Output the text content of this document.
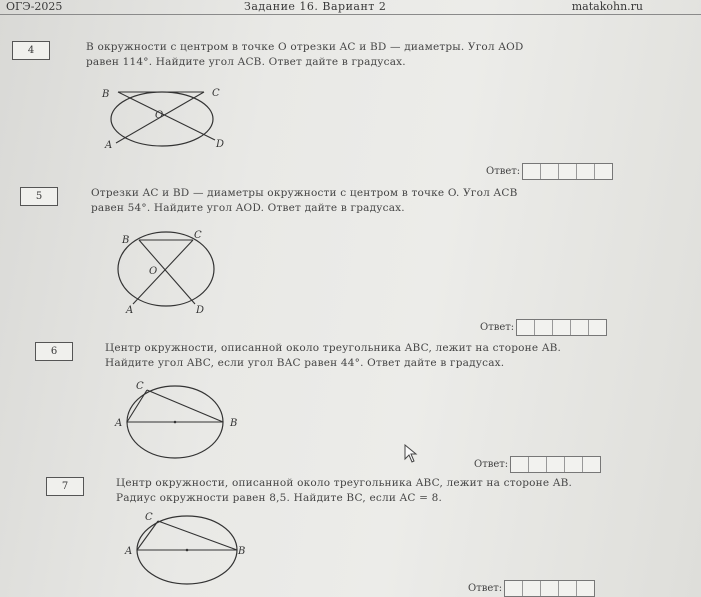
ОГЭ-2025	Задание 16. Вариант 2	matakohn.ru
4	В окружности с центром в точке O отрезки AC и BD — диаметры. Угол AOD

равен 114°. Найдите угол ACB. Ответ дайте в градусах.

B	C
O
A	D
Ответ:
5	Отрезки AC и BD — диаметры окружности с центром в точке O. Угол ACB

равен 54°. Найдите угол AOD. Ответ дайте в градусах.

B	C
O
A	D
Ответ:
6	Центр окружности, описанной около треугольника ABC, лежит на стороне AB.

Найдите угол ABC, если угол BAC равен 44°. Ответ дайте в градусах.

C
A	B
Ответ:
7	Центр окружности, описанной около треугольника ABC, лежит на стороне AB.

Радиус окружности равен 8,5. Найдите BC, если AC = 8.

C
A	B
Ответ:
